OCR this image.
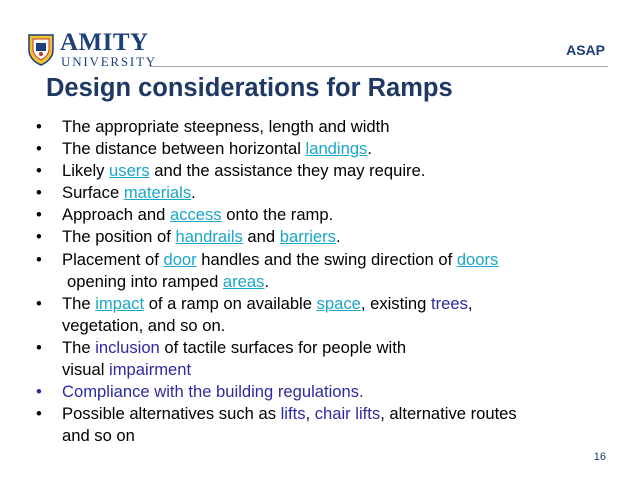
AMITY
UNIVERSITY
ASAP
Design considerations for Ramps
• The appropriate steepness, length and width
• The distance between horizontal landings.
• Likely users and the assistance they may require.
• Surface materials.
• Approach and access onto the ramp.
• The position of handrails and barriers.
• Placement of door handles and the swing direction of doors
opening into ramped areas.
• The impact of a ramp on available space, existing trees,
vegetation, and so on.
• The inclusion of tactile surfaces for people with
visual impairment
• Compliance with the building regulations.
• Possible alternatives such as lifts, chair lifts, alternative routes
and so on
16
